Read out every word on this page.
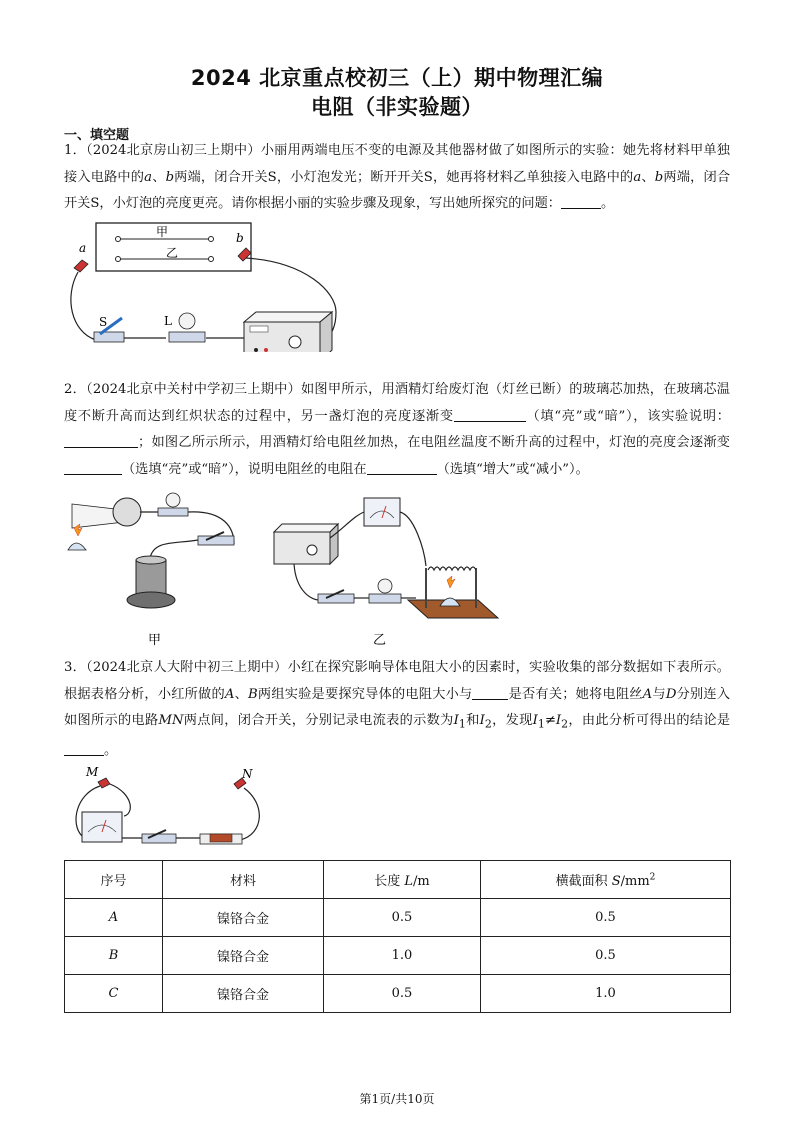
2024 北京重点校初三（上）期中物理汇编
电阻（非实验题）
一、填空题
1．（2024北京房山初三上期中）小丽用两端电压不变的电源及其他器材做了如图所示的实验：她先将材料甲单独接入电路中的a、b两端，闭合开关S，小灯泡发光；断开开关S，她再将材料乙单独接入电路中的a、b两端，闭合开关S，小灯泡的亮度更亮。请你根据小丽的实验步骤及现象，写出她所探究的问题：	。
甲
乙
a
b
S	L
2．（2024北京中关村中学初三上期中）如图甲所示，用酒精灯给废灯泡（灯丝已断）的玻璃芯加热，在玻璃芯温度不断升高而达到红炽状态的过程中，另一盏灯泡的亮度逐渐变	（填“亮”或“暗”），该实验说明：；如图乙所示所示，用酒精灯给电阻丝加热，在电阻丝温度不断升高的过程中，灯泡的亮度会逐渐变（选填“亮”或“暗”），说明电阻丝的电阻在	（选填“增大”或“减小”）。
甲	乙
3．（2024北京人大附中初三上期中）小红在探究影响导体电阻大小的因素时，实验收集的部分数据如下表所示。根据表格分析，小红所做的A、B两组实验是要探究导体的电阻大小与	是否有关；她将电阻丝A与D分别连入如图所示的电路MN两点间，闭合开关，分别记录电流表的示数为$I_1$和$I_2$，发现$I_1\ne I_2$，由此分析可得出的结论是。
M	N
序号	材料	长度 L/m	横截面积 $S/mm^2$
A	镍铬合金	0.5	0.5
B	镍铬合金	1.0	0.5
C	镍铬合金	0.5	1.0
第1页/共10页
